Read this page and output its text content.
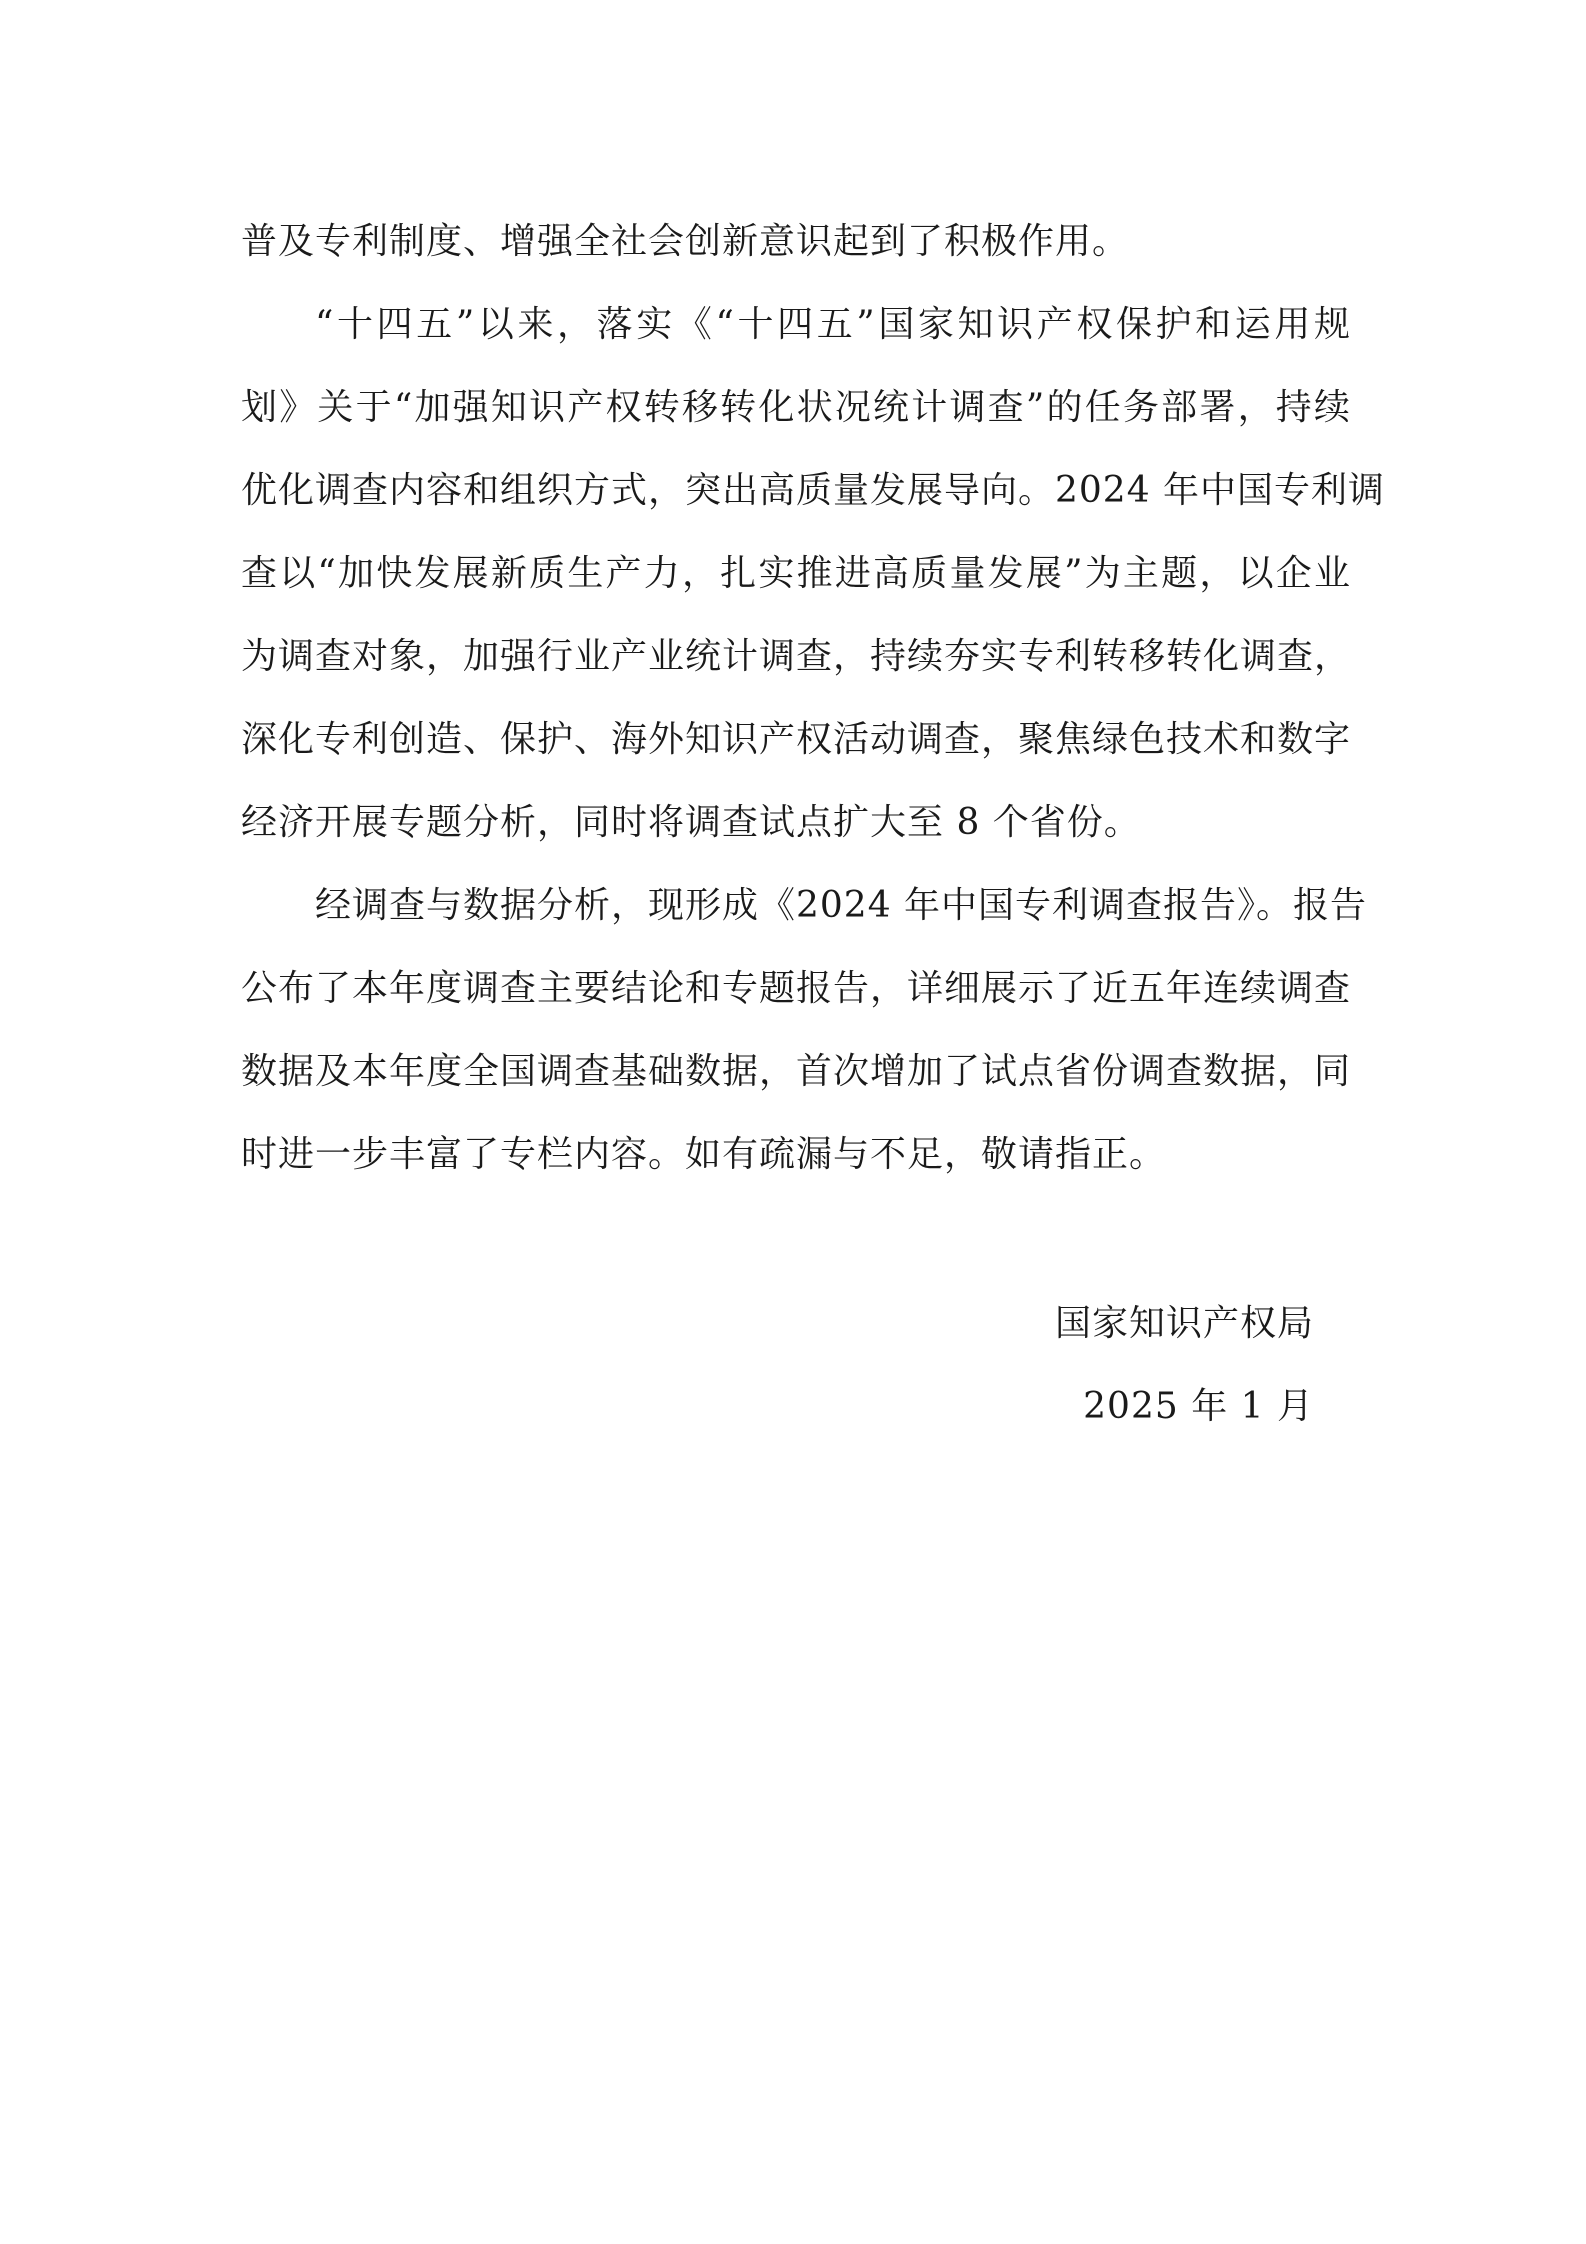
普及专利制度、增强全社会创新意识起到了积极作用。
“十四五”以来，落实《“十四五”国家知识产权保护和运用规
划》关于“加强知识产权转移转化状况统计调查”的任务部署，持续
优化调查内容和组织方式，突出高质量发展导向。2024 年中国专利调
查以“加快发展新质生产力，扎实推进高质量发展”为主题，以企业
为调查对象，加强行业产业统计调查，持续夯实专利转移转化调查，
深化专利创造、保护、海外知识产权活动调查，聚焦绿色技术和数字
经济开展专题分析，同时将调查试点扩大至 8 个省份。
经调查与数据分析，现形成《2024 年中国专利调查报告》。报告
公布了本年度调查主要结论和专题报告，详细展示了近五年连续调查
数据及本年度全国调查基础数据，首次增加了试点省份调查数据，同
时进一步丰富了专栏内容。如有疏漏与不足，敬请指正。
国家知识产权局
2025 年 1 月
